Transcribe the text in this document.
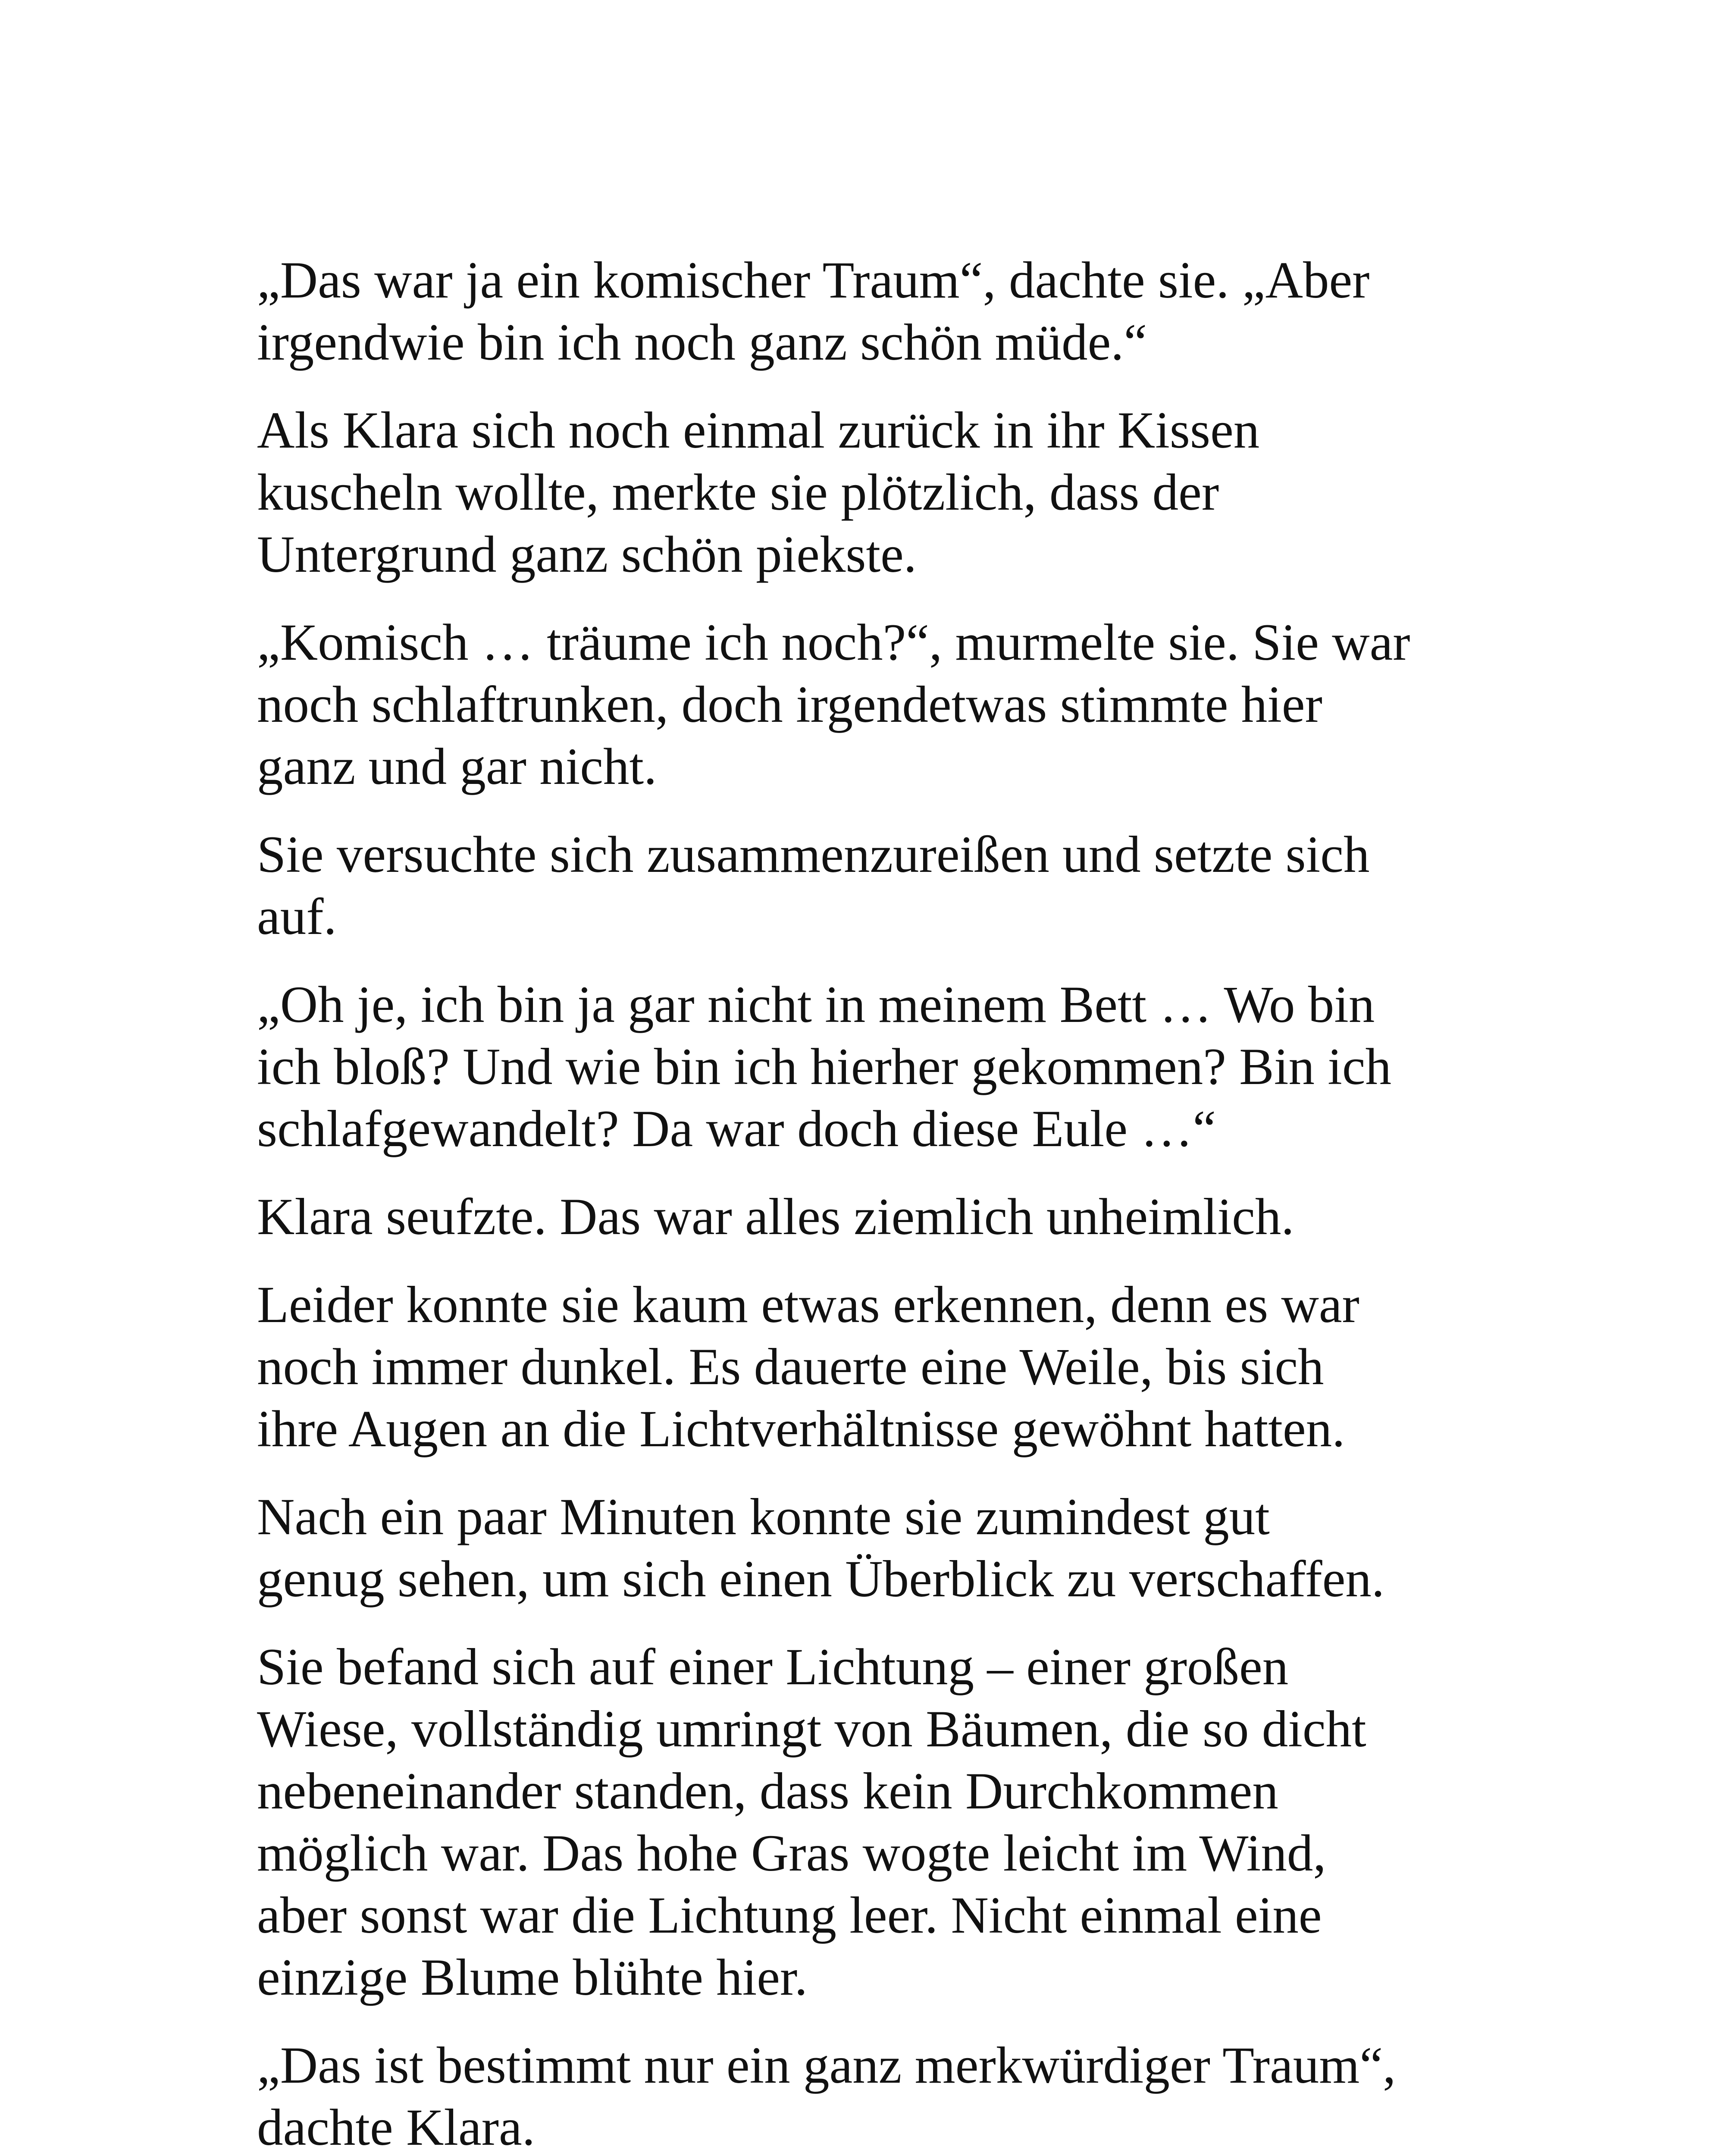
„Das war ja ein komischer Traum“, dachte sie. „Aber
irgendwie bin ich noch ganz schön müde.“

Als Klara sich noch einmal zurück in ihr Kissen
kuscheln wollte, merkte sie plötzlich, dass der
Untergrund ganz schön piekste.

„Komisch … träume ich noch?“, murmelte sie. Sie war
noch schlaftrunken, doch irgendetwas stimmte hier
ganz und gar nicht.

Sie versuchte sich zusammenzureißen und setzte sich
auf.

„Oh je, ich bin ja gar nicht in meinem Bett … Wo bin
ich bloß? Und wie bin ich hierher gekommen? Bin ich
schlafgewandelt? Da war doch diese Eule …“

Klara seufzte. Das war alles ziemlich unheimlich.

Leider konnte sie kaum etwas erkennen, denn es war
noch immer dunkel. Es dauerte eine Weile, bis sich
ihre Augen an die Lichtverhältnisse gewöhnt hatten.

Nach ein paar Minuten konnte sie zumindest gut
genug sehen, um sich einen Überblick zu verschaffen.

Sie befand sich auf einer Lichtung – einer großen
Wiese, vollständig umringt von Bäumen, die so dicht
nebeneinander standen, dass kein Durchkommen
möglich war. Das hohe Gras wogte leicht im Wind,
aber sonst war die Lichtung leer. Nicht einmal eine
einzige Blume blühte hier.

„Das ist bestimmt nur ein ganz merkwürdiger Traum“,
dachte Klara.
